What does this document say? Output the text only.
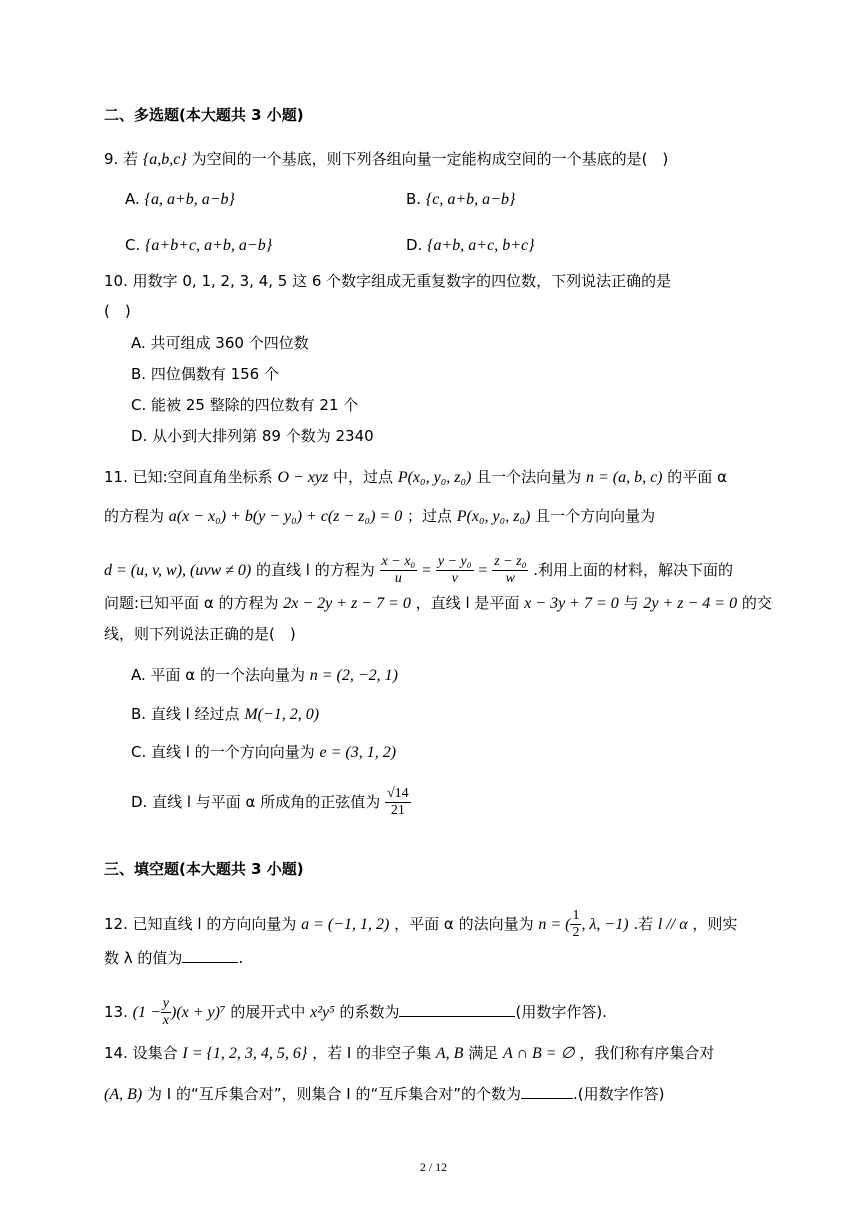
二、多选题(本大题共 3 小题)
9. 若 {a,b,c} 为空间的一个基底，则下列各组向量一定能构成空间的一个基底的是(　)
A. {a, a+b, a−b}	B. {c, a+b, a−b}
C. {a+b+c, a+b, a−b}	D. {a+b, a+c, b+c}
10. 用数字 0, 1, 2, 3, 4, 5 这 6 个数字组成无重复数字的四位数，下列说法正确的是
(　)
A. 共可组成 360 个四位数
B. 四位偶数有 156 个
C. 能被 25 整除的四位数有 21 个
D. 从小到大排列第 89 个数为 2340
11. 已知:空间直角坐标系 O − xyz 中，过点 P(x₀, y₀, z₀) 且一个法向量为 n = (a, b, c) 的平面 α
的方程为 a(x − x₀) + b(y − y₀) + c(z − z₀) = 0 ；过点 P(x₀, y₀, z₀) 且一个方向向量为
d = (u, v, w), (uvw ≠ 0) 的直线 l 的方程为 $\frac{\text{x − x₀}}{u} = \frac{\text{y − y₀}}{v} = \frac{\text{z − z₀}}{w}$ .利用上面的材料，解决下面的
问题:已知平面 α 的方程为 2x − 2y + z − 7 = 0 ，直线 l 是平面 x − 3y + 7 = 0 与 2y + z − 4 = 0 的交
线，则下列说法正确的是(　)
A. 平面 α 的一个法向量为 n = (2, −2, 1)
B. 直线 l 经过点 M(−1, 2, 0)
C. 直线 l 的一个方向向量为 e = (3, 1, 2)
D. 直线 l 与平面 α 所成角的正弦值为 $\frac{√14}{21}$
三、填空题(本大题共 3 小题)
12. 已知直线 l 的方向向量为 a = (−1, 1, 2) ，平面 α 的法向量为 n = ( $\frac{1}{2}$ , λ, −1) .若 l // α ，则实
数 λ 的值为	.
13. $(1 - \frac{y}{x} )(x + y)^7$ 的展开式中 x²y⁵ 的系数为	(用数字作答).
14. 设集合 I = {1, 2, 3, 4, 5, 6} ，若 I 的非空子集 A, B 满足 A ∩ B = ∅ ，我们称有序集合对
(A, B) 为 I 的“互斥集合对”，则集合 I 的“互斥集合对”的个数为	.(用数字作答)
2 / 12
